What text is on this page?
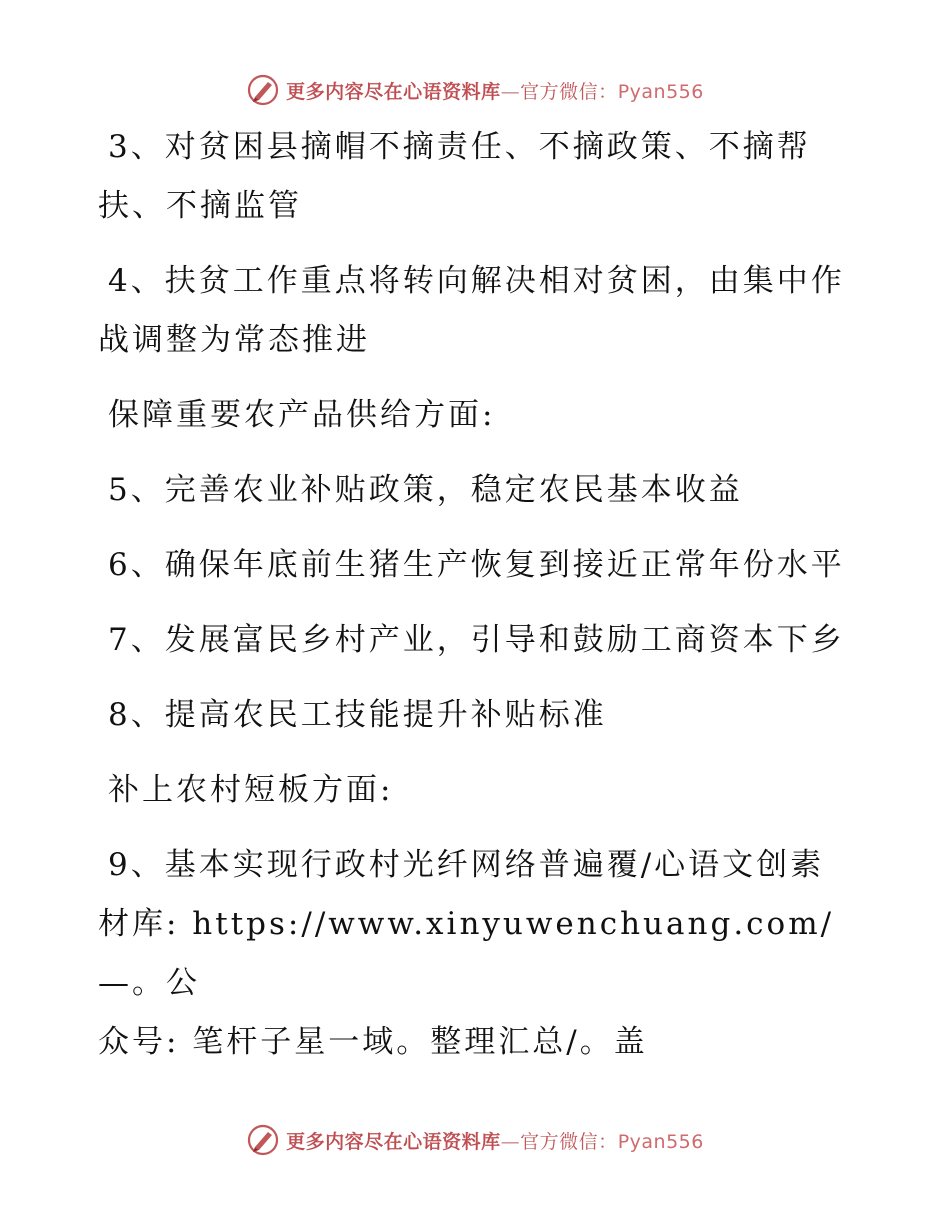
更多内容尽在心语资料库—官方微信：Pyan556

3、对贫困县摘帽不摘责任、不摘政策、不摘帮
扶、不摘监管

4、扶贫工作重点将转向解决相对贫困，由集中作
战调整为常态推进

保障重要农产品供给方面:

5、完善农业补贴政策，稳定农民基本收益

6、确保年底前生猪生产恢复到接近正常年份水平

7、发展富民乡村产业，引导和鼓励工商资本下乡

8、提高农民工技能提升补贴标准

补上农村短板方面:

9、基本实现行政村光纤网络普遍覆/心语文创素
材库: https://www.xinyuwenchuang.com/—。公
众号: 笔杆子星一域。整理汇总/。盖

更多内容尽在心语资料库—官方微信：Pyan556
